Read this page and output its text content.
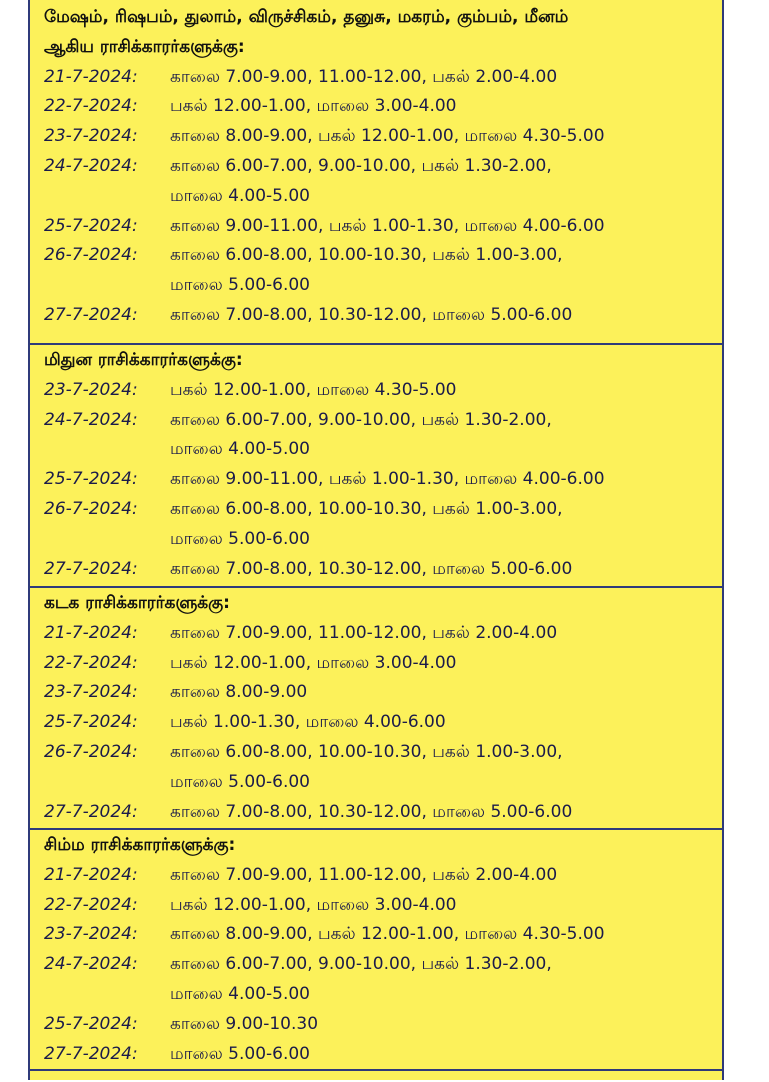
மேஷம், ரிஷபம், துலாம், விருச்சிகம், தனுசு, மகரம், கும்பம், மீனம்
ஆகிய ராசிக்காரர்களுக்கு:
21-7-2024: காலை 7.00-9.00, 11.00-12.00, பகல் 2.00-4.00
22-7-2024: பகல் 12.00-1.00, மாலை 3.00-4.00
23-7-2024: காலை 8.00-9.00, பகல் 12.00-1.00, மாலை 4.30-5.00
24-7-2024: காலை 6.00-7.00, 9.00-10.00, பகல் 1.30-2.00,
மாலை 4.00-5.00
25-7-2024: காலை 9.00-11.00, பகல் 1.00-1.30, மாலை 4.00-6.00
26-7-2024: காலை 6.00-8.00, 10.00-10.30, பகல் 1.00-3.00,
மாலை 5.00-6.00
27-7-2024: காலை 7.00-8.00, 10.30-12.00, மாலை 5.00-6.00
மிதுன ராசிக்காரர்களுக்கு:
23-7-2024: பகல் 12.00-1.00, மாலை 4.30-5.00
24-7-2024: காலை 6.00-7.00, 9.00-10.00, பகல் 1.30-2.00,
மாலை 4.00-5.00
25-7-2024: காலை 9.00-11.00, பகல் 1.00-1.30, மாலை 4.00-6.00
26-7-2024: காலை 6.00-8.00, 10.00-10.30, பகல் 1.00-3.00,
மாலை 5.00-6.00
27-7-2024: காலை 7.00-8.00, 10.30-12.00, மாலை 5.00-6.00
கடக ராசிக்காரர்களுக்கு:
21-7-2024: காலை 7.00-9.00, 11.00-12.00, பகல் 2.00-4.00
22-7-2024: பகல் 12.00-1.00, மாலை 3.00-4.00
23-7-2024: காலை 8.00-9.00
25-7-2024: பகல் 1.00-1.30, மாலை 4.00-6.00
26-7-2024: காலை 6.00-8.00, 10.00-10.30, பகல் 1.00-3.00,
மாலை 5.00-6.00
27-7-2024: காலை 7.00-8.00, 10.30-12.00, மாலை 5.00-6.00
சிம்ம ராசிக்காரர்களுக்கு:
21-7-2024: காலை 7.00-9.00, 11.00-12.00, பகல் 2.00-4.00
22-7-2024: பகல் 12.00-1.00, மாலை 3.00-4.00
23-7-2024: காலை 8.00-9.00, பகல் 12.00-1.00, மாலை 4.30-5.00
24-7-2024: காலை 6.00-7.00, 9.00-10.00, பகல் 1.30-2.00,
மாலை 4.00-5.00
25-7-2024: காலை 9.00-10.30
27-7-2024: மாலை 5.00-6.00
